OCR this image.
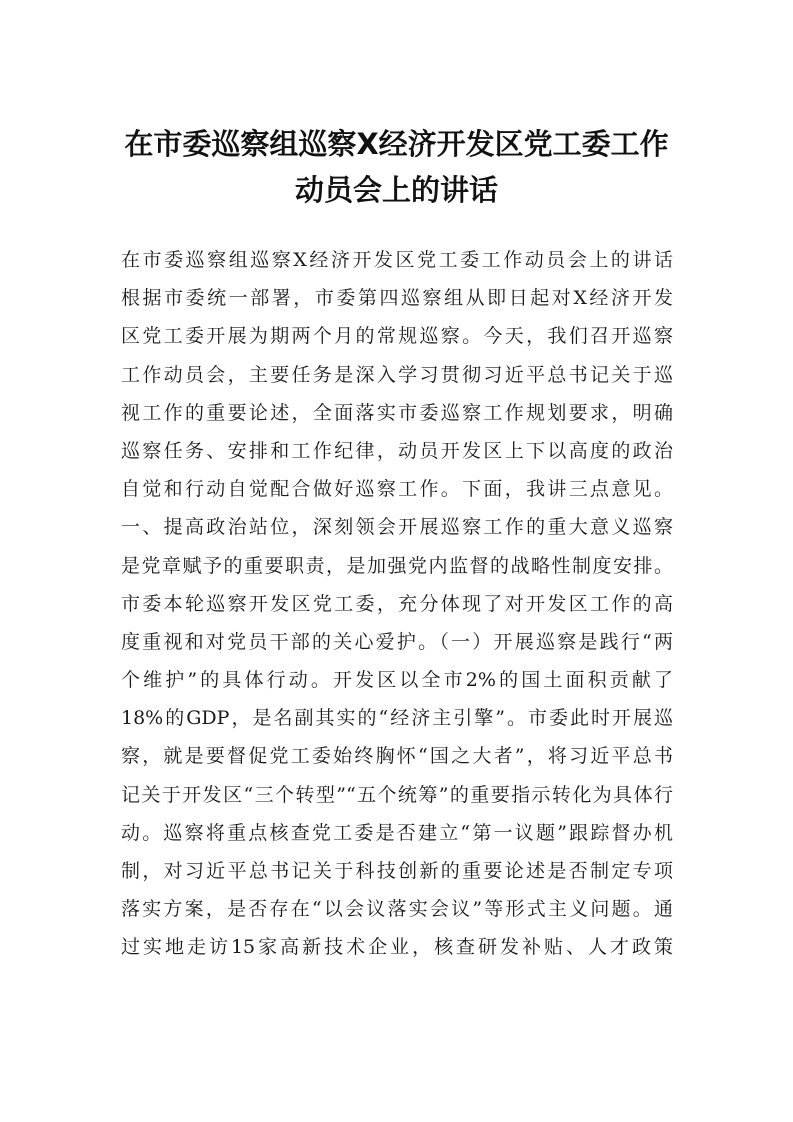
在市委巡察组巡察X经济开发区党工委工作
动员会上的讲话
在市委巡察组巡察X经济开发区党工委工作动员会上的讲话
根据市委统一部署，市委第四巡察组从即日起对X经济开发
区党工委开展为期两个月的常规巡察。今天，我们召开巡察
工作动员会，主要任务是深入学习贯彻习近平总书记关于巡
视工作的重要论述，全面落实市委巡察工作规划要求，明确
巡察任务、安排和工作纪律，动员开发区上下以高度的政治
自觉和行动自觉配合做好巡察工作。下面，我讲三点意见。
一、提高政治站位，深刻领会开展巡察工作的重大意义巡察
是党章赋予的重要职责，是加强党内监督的战略性制度安排。
市委本轮巡察开发区党工委，充分体现了对开发区工作的高
度重视和对党员干部的关心爱护。（一）开展巡察是践行“两
个维护”的具体行动。开发区以全市2%的国土面积贡献了
18%的GDP，是名副其实的“经济主引擎”。市委此时开展巡
察，就是要督促党工委始终胸怀“国之大者”，将习近平总书
记关于开发区“三个转型”“五个统筹”的重要指示转化为具体行
动。巡察将重点核查党工委是否建立“第一议题”跟踪督办机
制，对习近平总书记关于科技创新的重要论述是否制定专项
落实方案，是否存在“以会议落实会议”等形式主义问题。通
过实地走访15家高新技术企业，核查研发补贴、人才政策
